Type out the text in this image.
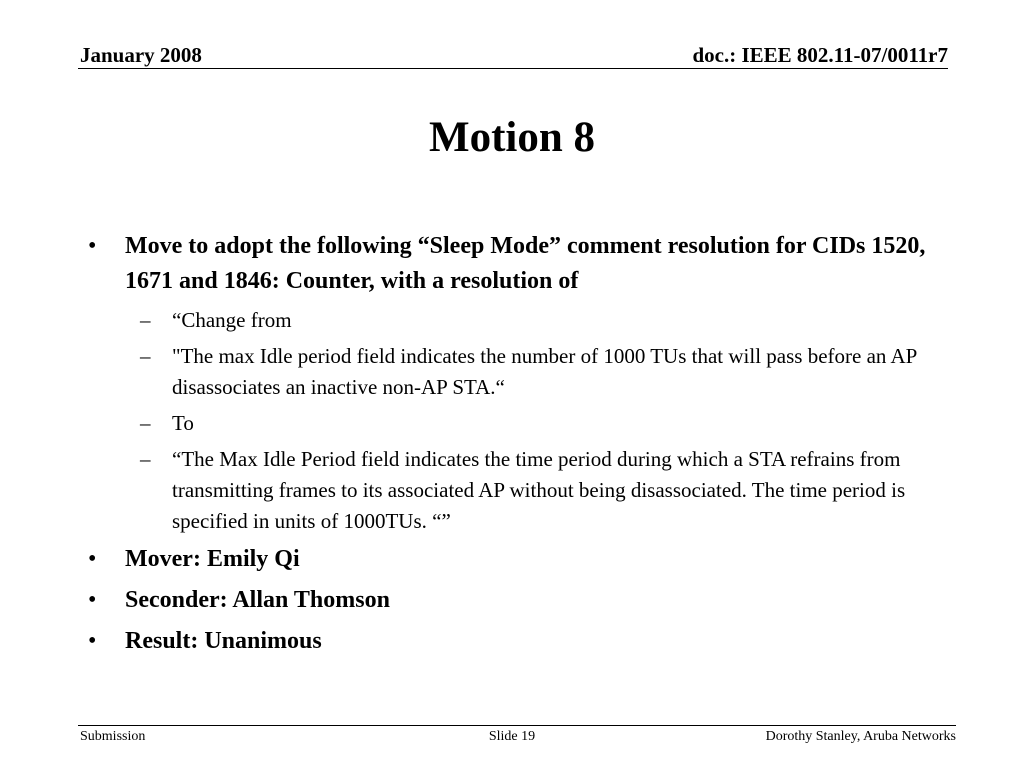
January 2008	doc.: IEEE 802.11-07/0011r7
Motion 8
• Move to adopt the following “Sleep Mode” comment resolution for CIDs 1520, 1671 and 1846: Counter, with a resolution of
– “Change from
– "The max Idle period field indicates the number of 1000 TUs that will pass before an AP disassociates an inactive non-AP STA.“
– To
– “The Max Idle Period field indicates the time period during which a STA refrains from transmitting frames to its associated AP without being disassociated. The time period is specified in units of 1000TUs. “”
• Mover: Emily Qi
• Seconder: Allan Thomson
• Result: Unanimous
Submission	Slide 19	Dorothy Stanley, Aruba Networks
